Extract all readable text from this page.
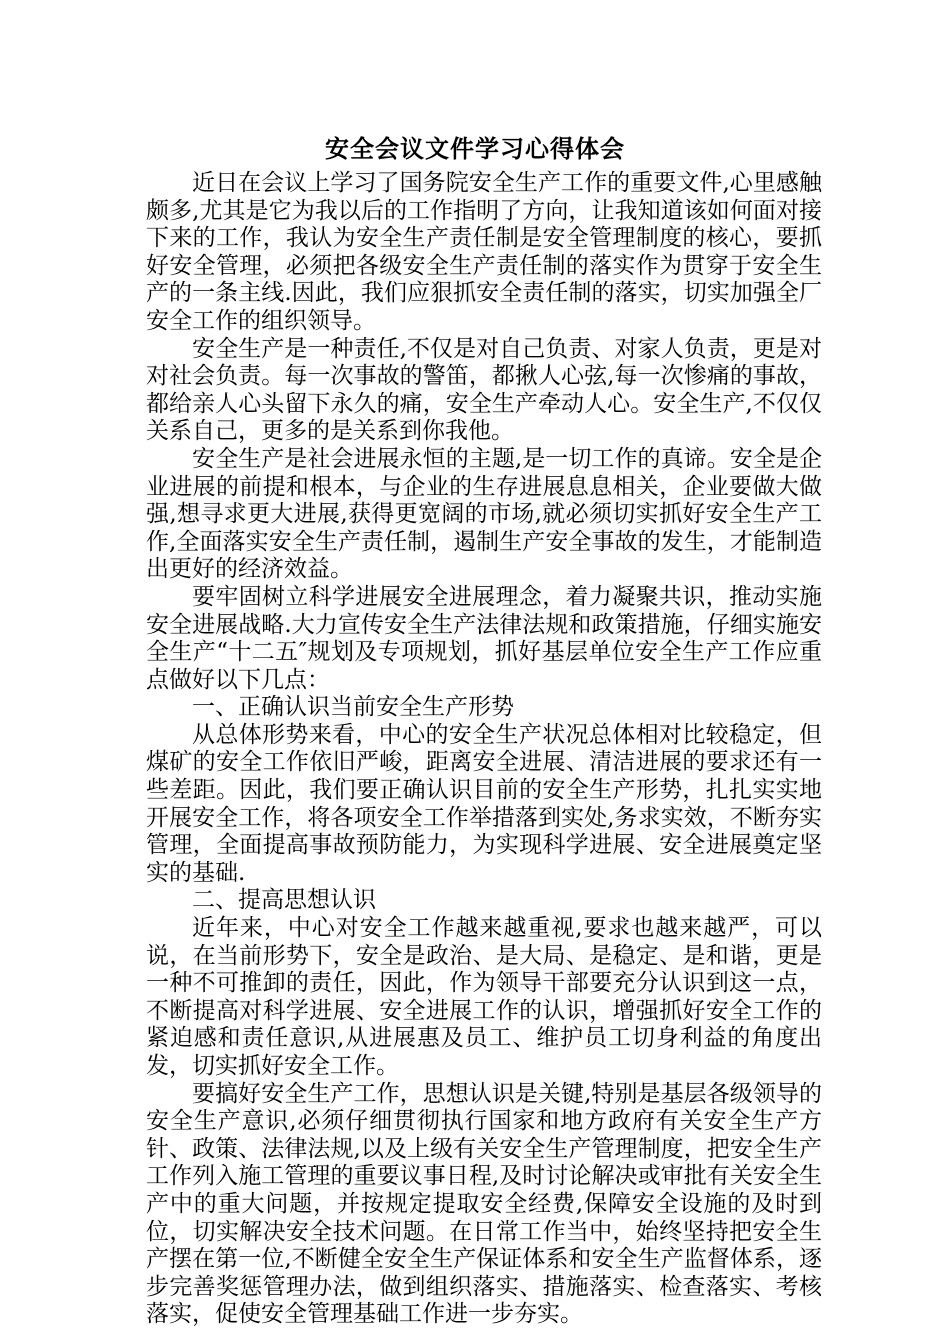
安全会议文件学习心得体会

近日在会议上学习了国务院安全生产工作的重要文件,心里感触颇多,尤其是它为我以后的工作指明了方向，让我知道该如何面对接下来的工作，我认为安全生产责任制是安全管理制度的核心，要抓好安全管理，必须把各级安全生产责任制的落实作为贯穿于安全生产的一条主线.因此，我们应狠抓安全责任制的落实，切实加强全厂安全工作的组织领导。

安全生产是一种责任,不仅是对自己负责、对家人负责，更是对对社会负责。每一次事故的警笛，都揪人心弦,每一次惨痛的事故，都给亲人心头留下永久的痛，安全生产牵动人心。安全生产,不仅仅关系自己，更多的是关系到你我他。

安全生产是社会进展永恒的主题,是一切工作的真谛。安全是企业进展的前提和根本，与企业的生存进展息息相关，企业要做大做强,想寻求更大进展,获得更宽阔的市场,就必须切实抓好安全生产工作,全面落实安全生产责任制，遏制生产安全事故的发生，才能制造出更好的经济效益。

要牢固树立科学进展安全进展理念，着力凝聚共识，推动实施安全进展战略.大力宣传安全生产法律法规和政策措施，仔细实施安全生产“十二五″规划及专项规划，抓好基层单位安全生产工作应重点做好以下几点：

一、正确认识当前安全生产形势

从总体形势来看，中心的安全生产状况总体相对比较稳定，但煤矿的安全工作依旧严峻，距离安全进展、清洁进展的要求还有一些差距。因此，我们要正确认识目前的安全生产形势，扎扎实实地开展安全工作，将各项安全工作举措落到实处,务求实效，不断夯实管理，全面提高事故预防能力，为实现科学进展、安全进展奠定坚实的基础.

二、提高思想认识

近年来，中心对安全工作越来越重视,要求也越来越严，可以说，在当前形势下，安全是政治、是大局、是稳定、是和谐，更是一种不可推卸的责任，因此，作为领导干部要充分认识到这一点，不断提高对科学进展、安全进展工作的认识，增强抓好安全工作的紧迫感和责任意识,从进展惠及员工、维护员工切身利益的角度出发，切实抓好安全工作。

要搞好安全生产工作，思想认识是关键,特别是基层各级领导的安全生产意识,必须仔细贯彻执行国家和地方政府有关安全生产方针、政策、法律法规,以及上级有关安全生产管理制度，把安全生产工作列入施工管理的重要议事日程,及时讨论解决或审批有关安全生产中的重大问题，并按规定提取安全经费,保障安全设施的及时到位，切实解决安全技术问题。在日常工作当中，始终坚持把安全生产摆在第一位,不断健全安全生产保证体系和安全生产监督体系，逐步完善奖惩管理办法，做到组织落实、措施落实、检查落实、考核落实，促使安全管理基础工作进一步夯实。
